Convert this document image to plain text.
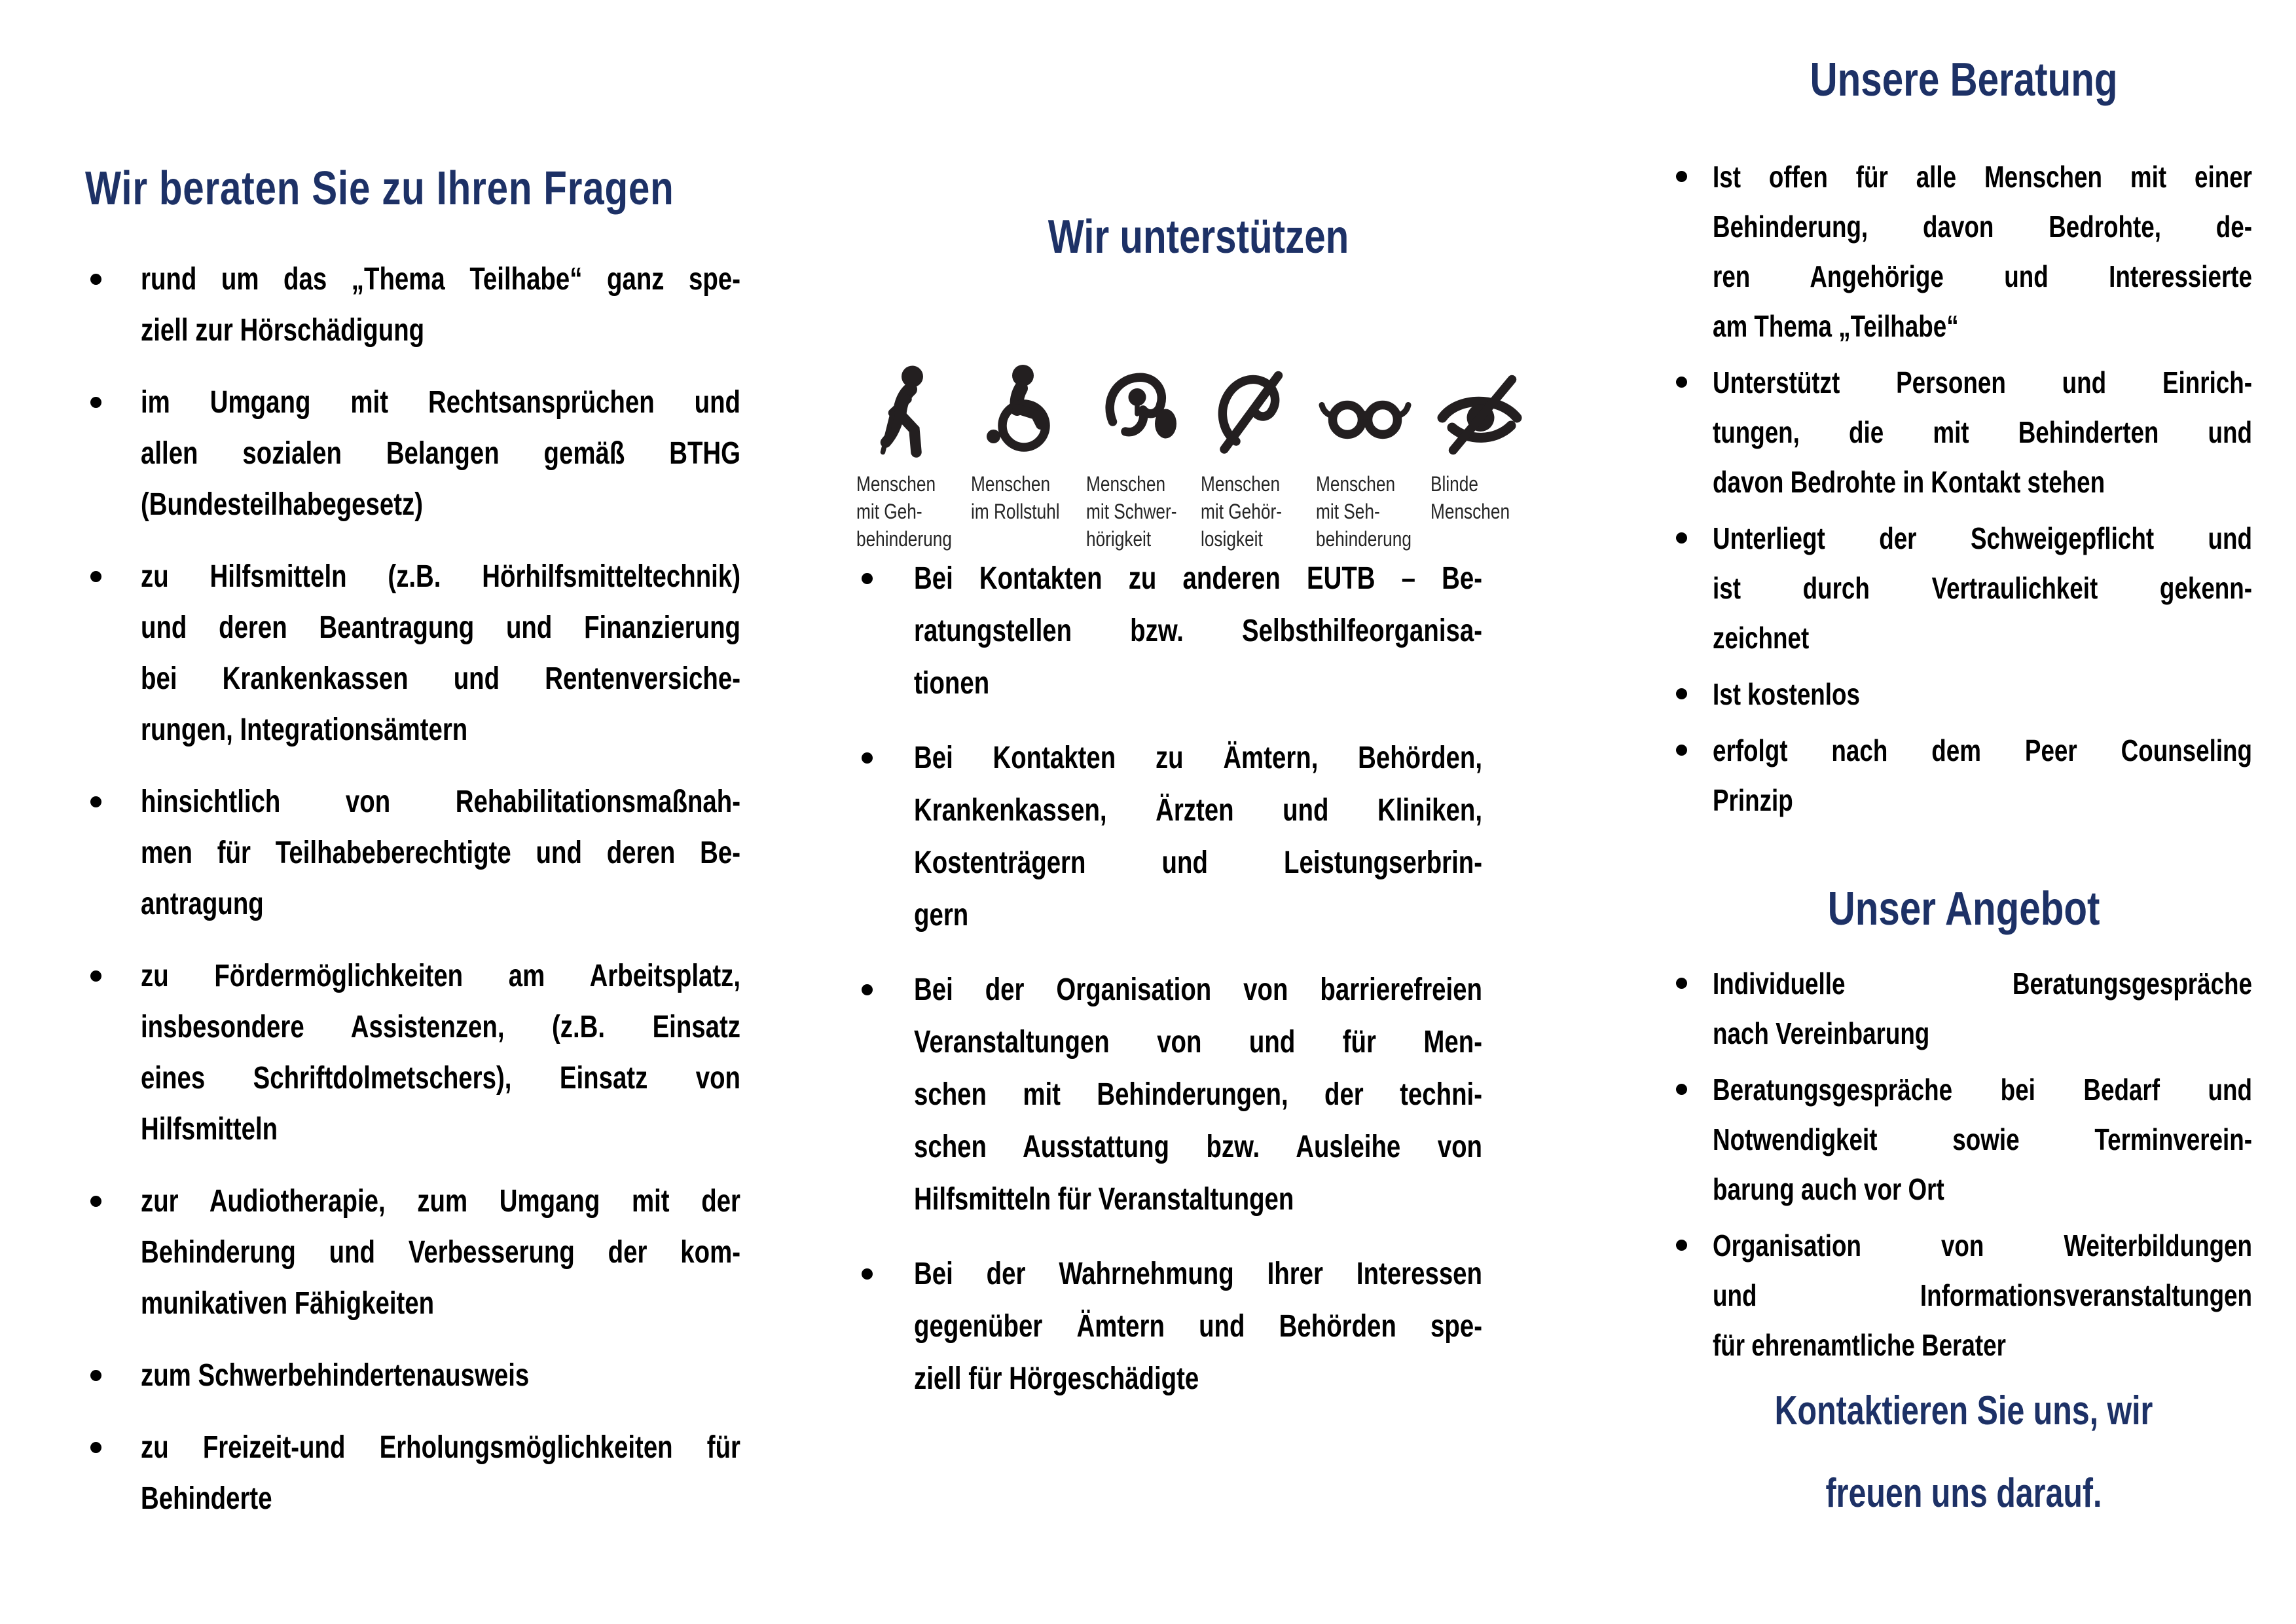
Wir beraten Sie zu Ihren Fragen
rund um das „Thema Teilhabe“ ganz spe-
ziell zur Hörschädigung
im Umgang mit Rechtsansprüchen und
allen sozialen Belangen gemäß BTHG
(Bundesteilhabegesetz)
zu Hilfsmitteln (z.B. Hörhilfsmitteltechnik)
und deren Beantragung und Finanzierung
bei Krankenkassen und Rentenversiche-
rungen, Integrationsämtern
hinsichtlich von Rehabilitationsmaßnah-
men für Teilhabeberechtigte und deren Be-
antragung
zu Fördermöglichkeiten am Arbeitsplatz,
insbesondere Assistenzen, (z.B. Einsatz
eines Schriftdolmetschers), Einsatz von
Hilfsmitteln
zur Audiotherapie, zum Umgang mit der
Behinderung und Verbesserung der kom-
munikativen Fähigkeiten
zum Schwerbehindertenausweis
zu Freizeit-und Erholungsmöglichkeiten für
Behinderte
Wir unterstützen
Menschen
mit Geh-
behinderung
Menschen
im Rollstuhl
Menschen
mit Schwer-
hörigkeit
Menschen
mit Gehör-
losigkeit
Menschen
mit Seh-
behinderung
Blinde
Menschen
Bei Kontakten zu anderen EUTB – Be-
ratungstellen bzw. Selbsthilfeorganisa-
tionen
Bei Kontakten zu Ämtern, Behörden,
Krankenkassen, Ärzten und Kliniken,
Kostenträgern und Leistungserbrin-
gern
Bei der Organisation von barrierefreien
Veranstaltungen von und für Men-
schen mit Behinderungen, der techni-
schen Ausstattung bzw. Ausleihe von
Hilfsmitteln für Veranstaltungen
Bei der Wahrnehmung Ihrer Interessen
gegenüber Ämtern und Behörden spe-
ziell für Hörgeschädigte
Unsere Beratung
Ist offen für alle Menschen mit einer
Behinderung, davon Bedrohte, de-
ren Angehörige und Interessierte
am Thema „Teilhabe“
Unterstützt Personen und Einrich-
tungen, die mit Behinderten und
davon Bedrohte in Kontakt stehen
Unterliegt der Schweigepflicht und
ist durch Vertraulichkeit gekenn-
zeichnet
Ist kostenlos
erfolgt nach dem Peer Counseling
Prinzip
Unser Angebot
Individuelle Beratungsgespräche
nach Vereinbarung
Beratungsgespräche bei Bedarf und
Notwendigkeit sowie Terminverein-
barung auch vor Ort
Organisation von Weiterbildungen
und Informationsveranstaltungen
für ehrenamtliche Berater
Kontaktieren Sie uns, wir
freuen uns darauf.
